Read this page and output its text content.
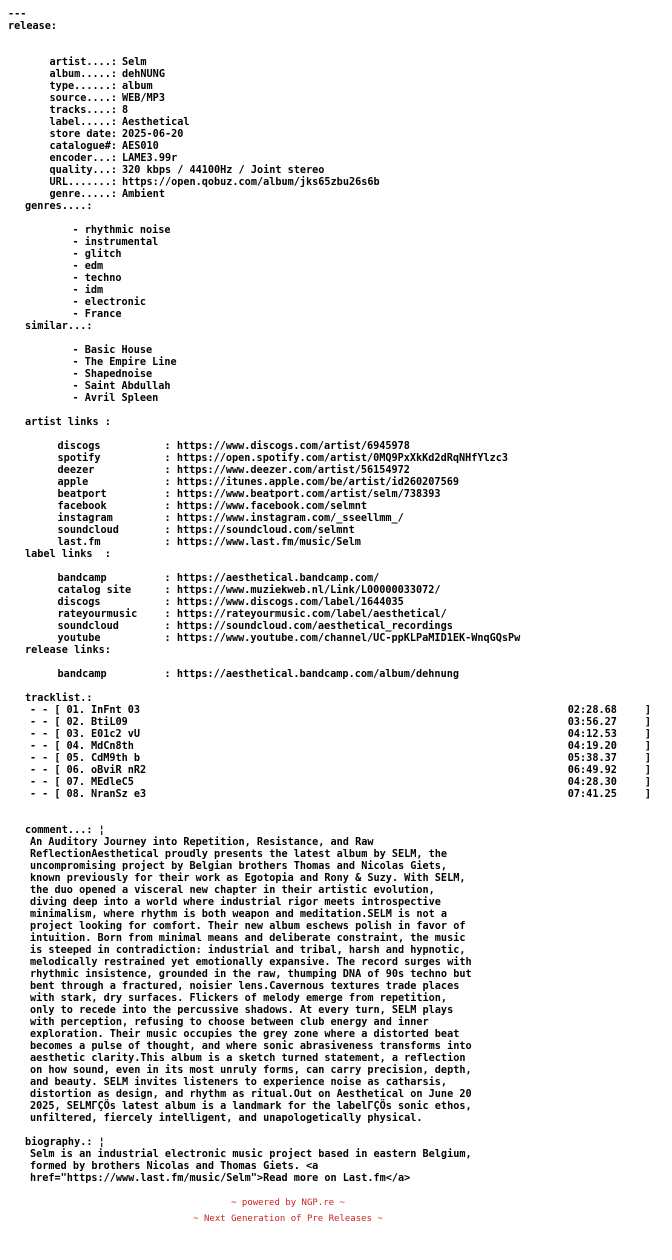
---
release:

artist....: Selm

album.....: dehNUNG

type......: album

source....: WEB/MP3

tracks....: 8

label.....: Aesthetical

store date: 2025-06-20

catalogue#: AES010

encoder...: LAME3.99r

quality...: 320 kbps / 44100Hz / Joint stereo

URL.......: https://open.qobuz.com/album/jks65zbu26s6b

genre.....: Ambient

genres....:

- rhythmic noise

- instrumental

- glitch

- edm

- techno

- idm

- electronic

- France

similar...:

- Basic House

- The Empire Line

- Shapednoise

- Saint Abdullah

- Avril Spleen

artist links :

discogs	: https://www.discogs.com/artist/6945978

spotify	: https://open.spotify.com/artist/0MQ9PxXkKd2dRqNHfYlzc3

deezer	: https://www.deezer.com/artist/56154972

apple	: https://itunes.apple.com/be/artist/id260207569

beatport	: https://www.beatport.com/artist/selm/738393

facebook	: https://www.facebook.com/selmnt

instagram	: https://www.instagram.com/_sseellmm_/

soundcloud	: https://soundcloud.com/selmnt

last.fm	: https://www.last.fm/music/Selm

label links  :

bandcamp	: https://aesthetical.bandcamp.com/

catalog site	: https://www.muziekweb.nl/Link/L00000033072/

discogs	: https://www.discogs.com/label/1644035

rateyourmusic	: https://rateyourmusic.com/label/aesthetical/

soundcloud	: https://soundcloud.com/aesthetical_recordings

youtube	: https://www.youtube.com/channel/UC-ppKLPaMID1EK-WnqGQsPw

release links:

bandcamp	: https://aesthetical.bandcamp.com/album/dehnung

tracklist.:
- - [ 01. InFnt 03	02:28.68	]
- - [ 02. BtiL09	03:56.27	]
- - [ 03. E01c2 vU	04:12.53	]
- - [ 04. MdCn8th	04:19.20	]
- - [ 05. CdM9th b	05:38.37	]
- - [ 06. oBviR nR2	06:49.92	]
- - [ 07. MEdleC5	04:28.30	]
- - [ 08. NranSz e3	07:41.25	]
comment...: ¦
An Auditory Journey into Repetition, Resistance, and Raw
ReflectionAesthetical proudly presents the latest album by SELM, the
uncompromising project by Belgian brothers Thomas and Nicolas Giets,
known previously for their work as Egotopia and Rony & Suzy. With SELM,
the duo opened a visceral new chapter in their artistic evolution,
diving deep into a world where industrial rigor meets introspective
minimalism, where rhythm is both weapon and meditation.SELM is not a
project looking for comfort. Their new album eschews polish in favor of
intuition. Born from minimal means and deliberate constraint, the music
is steeped in contradiction: industrial and tribal, harsh and hypnotic,
melodically restrained yet emotionally expansive. The record surges with
rhythmic insistence, grounded in the raw, thumping DNA of 90s techno but
bent through a fractured, noisier lens.Cavernous textures trade places
with stark, dry surfaces. Flickers of melody emerge from repetition,
only to recede into the percussive shadows. At every turn, SELM plays
with perception, refusing to choose between club energy and inner
exploration. Their music occupies the grey zone where a distorted beat
becomes a pulse of thought, and where sonic abrasiveness transforms into
aesthetic clarity.This album is a sketch turned statement, a reflection
on how sound, even in its most unruly forms, can carry precision, depth,
and beauty. SELM invites listeners to experience noise as catharsis,
distortion as design, and rhythm as ritual.Out on Aesthetical on June 20
2025, SELMΓÇÖs latest album is a landmark for the labelΓÇÖs sonic ethos,
unfiltered, fiercely intelligent, and unapologetically physical.
biography.: ¦
Selm is an industrial electronic music project based in eastern Belgium,
formed by brothers Nicolas and Thomas Giets. <a
href="https://www.last.fm/music/Selm">Read more on Last.fm</a>
~ powered by NGP.re ~
~ Next Generation of Pre Releases ~
